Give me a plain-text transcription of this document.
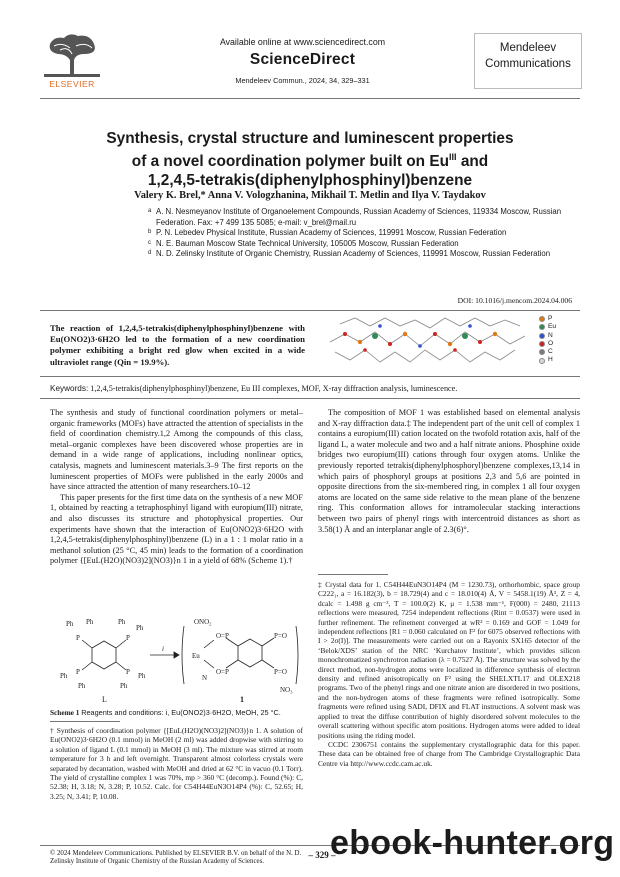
ELSEVIER
Available online at www.sciencedirect.com
ScienceDirect
Mendeleev Commun., 2024, 34, 329–331
Mendeleev
Communications
Synthesis, crystal structure and luminescent properties
of a novel coordination polymer built on $Eu^{III}$ and
1,2,4,5-tetrakis(diphenylphosphinyl)benzene
Valery K. Brel,* Anna V. Vologzhanina, Mikhail T. Metlin and Ilya V. Taydakov
a A. N. Nesmeyanov Institute of Organoelement Compounds, Russian Academy of Sciences, 119334 Moscow, Russian Federation. Fax: +7 499 135 5085; e-mail: v_brel@mail.ru
b P. N. Lebedev Physical Institute, Russian Academy of Sciences, 119991 Moscow, Russian Federation
c N. E. Bauman Moscow State Technical University, 105005 Moscow, Russian Federation
d N. D. Zelinsky Institute of Organic Chemistry, Russian Academy of Sciences, 119991 Moscow, Russian Federation
DOI: 10.1016/j.mencom.2024.04.006
The reaction of 1,2,4,5-tetrakis(diphenylphosphinyl)benzene with Eu(ONO2)3·6H2O led to the formation of a new coordination polymer exhibiting a bright red glow when excited in a wide ultraviolet range (Qin = 19.9%).
P
Eu
N
O
C
H
Keywords: 1,2,4,5-tetrakis(diphenylphosphinyl)benzene, Eu III complexes, MOF, X-ray diffraction analysis, luminescence.

The synthesis and study of functional coordination polymers or metal–organic frameworks (MOFs) have attracted the attention of specialists in the field of coordination chemistry.1,2 Among the compounds of this class, metal–organic complexes have been discovered whose properties are in demand in a wide range of applications, including nonlinear optics, catalysis, magnets and luminescent materials.3–9 The first reports on the luminescent properties of MOFs were published in the early 2000s and have since attracted the attention of many researchers.10–12

This paper presents for the first time data on the synthesis of a new MOF 1, obtained by reacting a tetraphosphinyl ligand with europium(III) nitrate, and also discusses its structure and photophysical properties. Our experiments have shown that the interaction of Eu(ONO2)3·6H2O with 1,2,4,5-tetrakis(diphenylphosphinyl)benzene (L) in a 1 : 1 molar ratio in a methanol solution (25 °C, 45 min) leads to the formation of a coordination polymer {[EuL(H2O)(NO3)2](NO3)}n 1 in a yield of 68% (Scheme 1).†

P	P
P	P
Ph Ph	Ph
Ph
Ph
Ph	Ph
Ph
ONO₂
Eu
O=P
O=P
P=O
P=O
N
NO₃
L
i
1
Scheme 1 Reagents and conditions: i, Eu(ONO2)3·6H2O, MeOH, 25 °C.
† Synthesis of coordination polymer {[EuL(H2O)(NO3)2](NO3)}n 1. A solution of Eu(ONO2)3·6H2O (0.1 mmol) in MeOH (2 ml) was added dropwise with stirring to a solution of ligand L (0.1 mmol) in MeOH (3 ml). The mixture was stirred at room temperature for 3 h and left overnight. Transparent almost colorless crystals were separated by decantation, washed with MeOH and dried at 62 °C in vacuo (0.1 Torr). The yield of crystalline complex 1 was 70%, mp > 360 °C (decomp.). Found (%): C, 52.38; H, 3.18; N, 3.28; P, 10.52. Calc. for C54H44EuN3O14P4 (%): C, 52.65; H, 3.25; N, 3.41; P, 10.08.

The composition of MOF 1 was established based on elemental analysis and X-ray diffraction data.‡ The independent part of the unit cell of complex 1 contains a europium(III) cation located on the twofold rotation axis, half of the ligand L, a water molecule and two and a half nitrate anions. Phosphine oxide bridges two europium(III) cations through four oxygen atoms. Unlike the previously reported tetrakis(diphenylphosphoryl)benzene complexes,13,14 in which pairs of phosphoryl groups at positions 2,3 and 5,6 are pointed in opposite directions from the six-membered ring, in complex 1 all four oxygen atoms are located on the same side relative to the mean plane of the benzene ring. This conformation allows for intramolecular stacking interactions between two pairs of phenyl rings with intercentroid distances as short as 3.58(1) Å and an interplanar angle of 2.3(6)°.

‡ Crystal data for 1. C54H44EuN3O14P4 (M = 1230.73), orthorhombic, space group C222₁, a = 16.182(3), b = 18.729(4) and c = 18.010(4) Å, V = 5458.1(19) Å³, Z = 4, dcalc = 1.498 g cm⁻³, T = 100.0(2) K, μ = 1.538 mm⁻¹, F(000) = 2480, 21113 reflections were measured, 7254 independent reflections (Rint = 0.0537) were used in further refinement. The refinement converged at wR² = 0.169 and GOF = 1.049 for independent reflections [R1 = 0.060 calculated on F² for 6075 observed reflections with I > 2σ(I)]. The measurements were carried out on a Rayonix SX165 detector of the ‘Belok/XDS’ station of the NRC ‘Kurchatov Institute’, which provides silicon monochromatized synchrotron radiation (λ = 0.7527 Å). The structure was solved by the direct method, non-hydrogen atoms were localized in difference synthesis of electron density and refined anisotropically on F² using the SHELXTL17 and OLEX218 programs. Two of the phenyl rings and one nitrate anion are disordered in two positions, and the non-hydrogen atoms of these fragments were refined isotropically. Some fragments were refined using SADI, DFIX and FLAT instructions. A solvent mask was applied to treat the diffuse contribution of highly disordered solvent molecules to the overall scattering without specific atom positions. Hydrogen atoms were added to ideal positions using the riding model.

CCDC 2306751 contains the supplementary crystallographic data for this paper. These data can be obtained free of charge from The Cambridge Crystallographic Data Centre via http://www.ccdc.cam.ac.uk.

© 2024 Mendeleev Communications. Published by ELSEVIER B.V. on behalf of the N. D. Zelinsky Institute of Organic Chemistry of the Russian Academy of Sciences.
– 329 –
ebook-hunter.org
